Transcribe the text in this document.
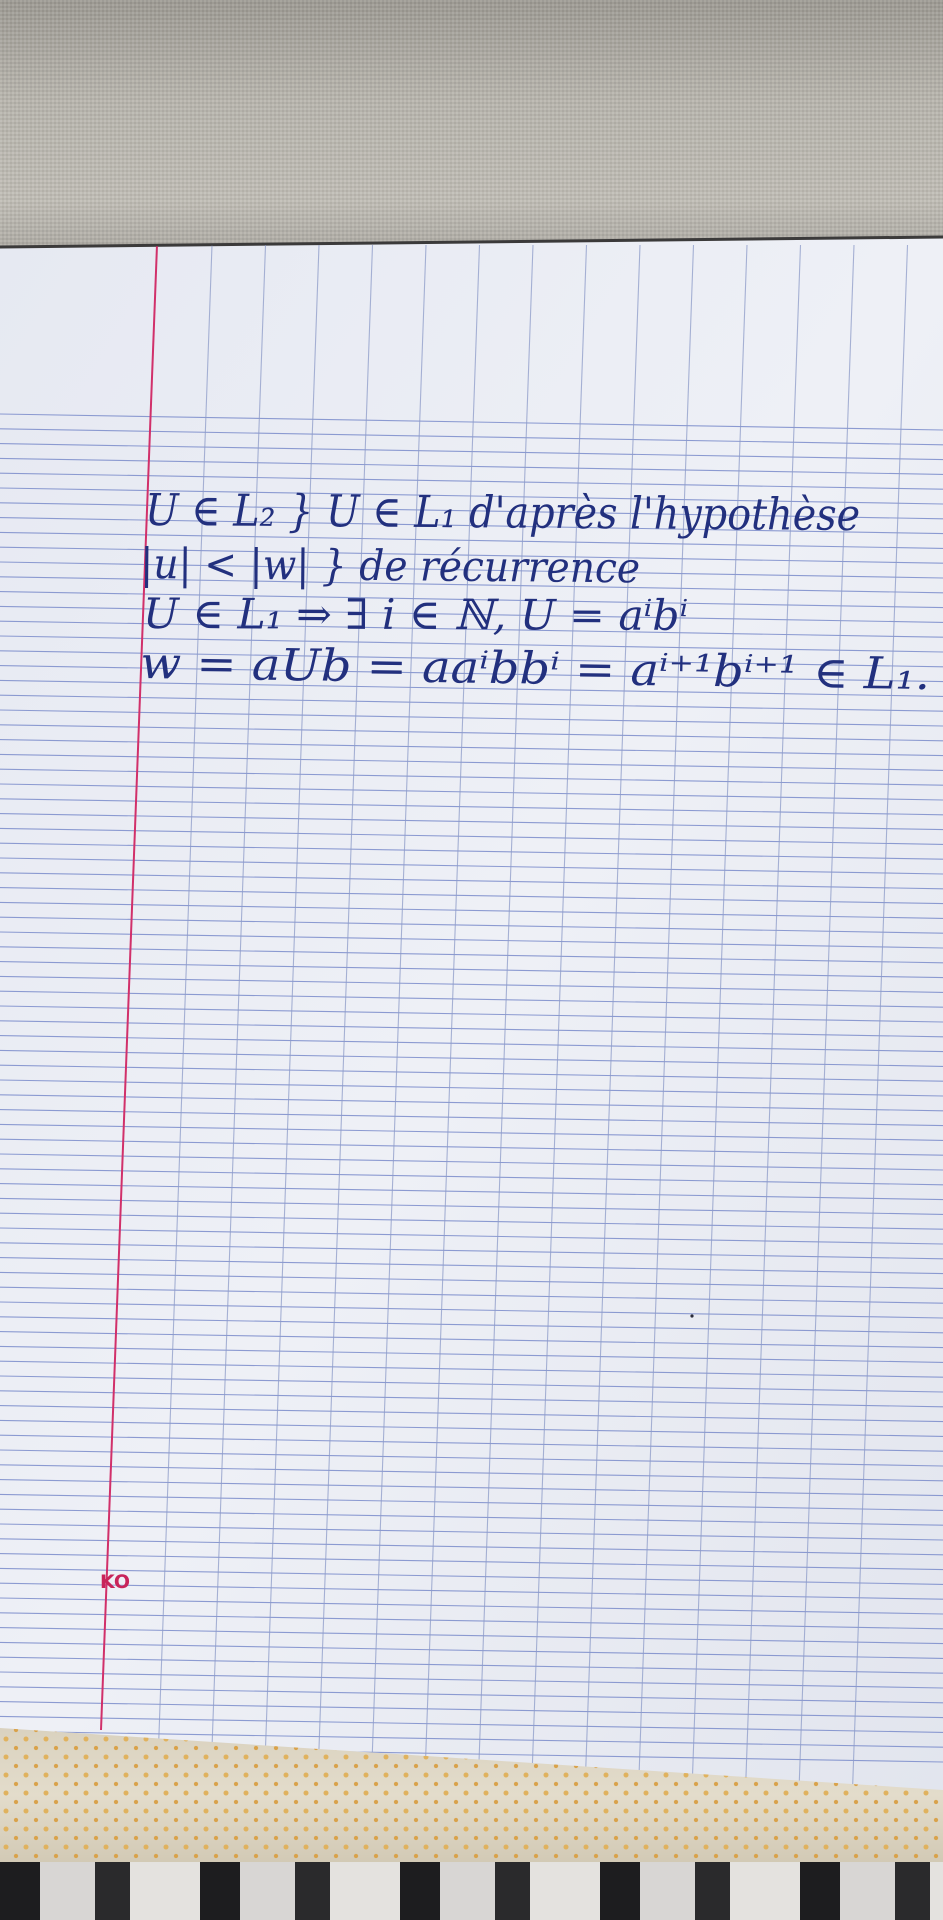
U ∈ L₂ } U ∈ L₁ d'après l'hypothèse
|u| < |w| } de récurrence
U ∈ L₁ ⇒ ∃ i ∈ ℕ, U = aⁱbⁱ
w = aUb = aaⁱbbⁱ = aⁱ⁺¹bⁱ⁺¹ ∈ L₁.
KO
